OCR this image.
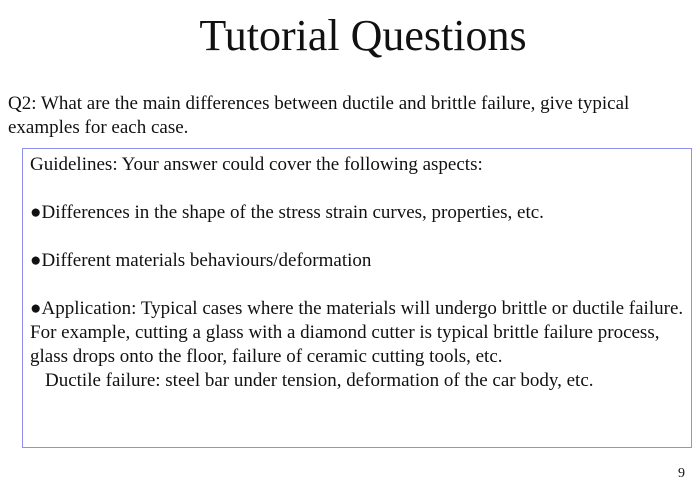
Tutorial Questions
Q2: What are the main differences between ductile and brittle failure, give typical examples for each case.

Guidelines: Your answer could cover the following aspects:

●Differences in the shape of the stress strain curves, properties, etc.

●Different materials behaviours/deformation

●Application: Typical cases where the materials will undergo brittle or ductile failure. For example, cutting a glass with a diamond cutter is typical brittle failure process, glass drops onto the floor, failure of ceramic cutting tools, etc.

Ductile failure: steel bar under tension, deformation of the car body, etc.

9
